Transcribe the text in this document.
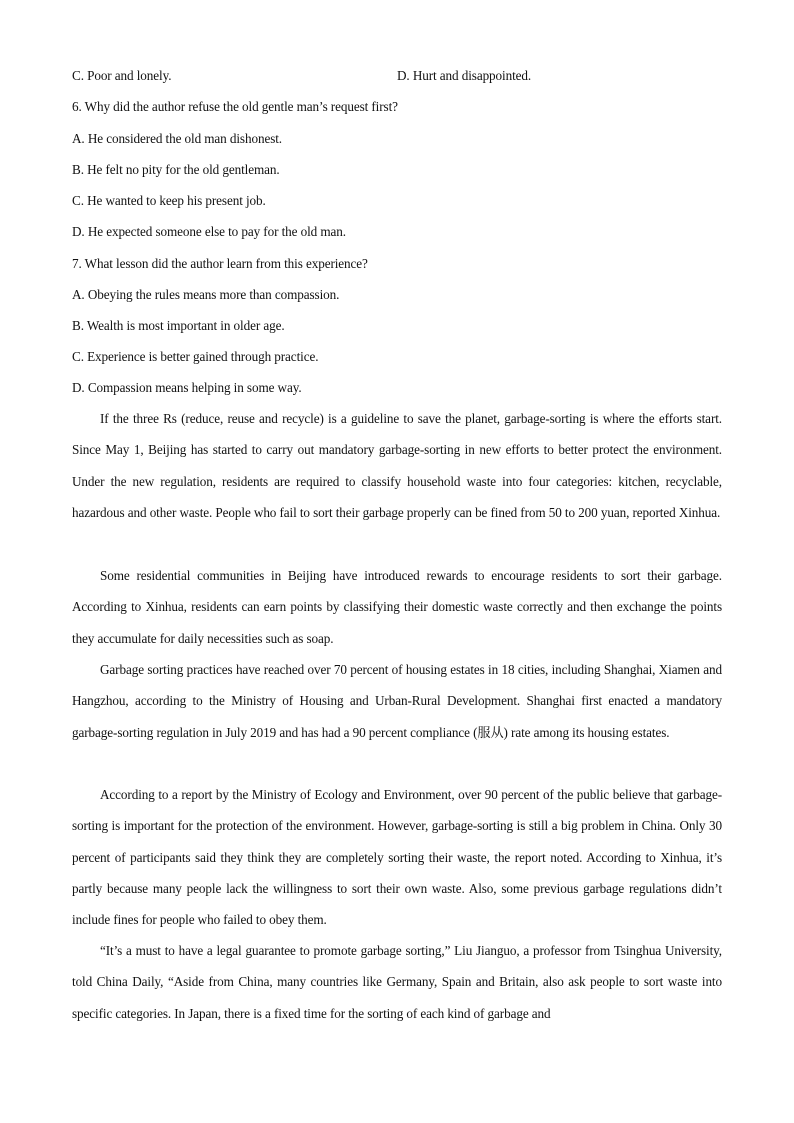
C. Poor and lonely.	D. Hurt and disappointed.
6. Why did the author refuse the old gentle man’s request first?
A. He considered the old man dishonest.
B. He felt no pity for the old gentleman.
C. He wanted to keep his present job.
D. He expected someone else to pay for the old man.
7. What lesson did the author learn from this experience?
A. Obeying the rules means more than compassion.
B. Wealth is most important in older age.
C. Experience is better gained through practice.
D. Compassion means helping in some way.
If the three Rs (reduce, reuse and recycle) is a guideline to save the planet, garbage-sorting is where the efforts start. Since May 1, Beijing has started to carry out mandatory garbage-sorting in new efforts to better protect the environment. Under the new regulation, residents are required to classify household waste into four categories: kitchen, recyclable, hazardous and other waste. People who fail to sort their garbage properly can be fined from 50 to 200 yuan, reported Xinhua.
Some residential communities in Beijing have introduced rewards to encourage residents to sort their garbage. According to Xinhua, residents can earn points by classifying their domestic waste correctly and then exchange the points they accumulate for daily necessities such as soap.
Garbage sorting practices have reached over 70 percent of housing estates in 18 cities, including Shanghai, Xiamen and Hangzhou, according to the Ministry of Housing and Urban-Rural Development. Shanghai first enacted a mandatory garbage-sorting regulation in July 2019 and has had a 90 percent compliance (服从) rate among its housing estates.
According to a report by the Ministry of Ecology and Environment, over 90 percent of the public believe that garbage-sorting is important for the protection of the environment. However, garbage-sorting is still a big problem in China. Only 30 percent of participants said they think they are completely sorting their waste, the report noted. According to Xinhua, it’s partly because many people lack the willingness to sort their own waste. Also, some previous garbage regulations didn’t include fines for people who failed to obey them.
“It’s a must to have a legal guarantee to promote garbage sorting,” Liu Jianguo, a professor from Tsinghua University, told China Daily, “Aside from China, many countries like Germany, Spain and Britain, also ask people to sort waste into specific categories. In Japan, there is a fixed time for the sorting of each kind of garbage and
